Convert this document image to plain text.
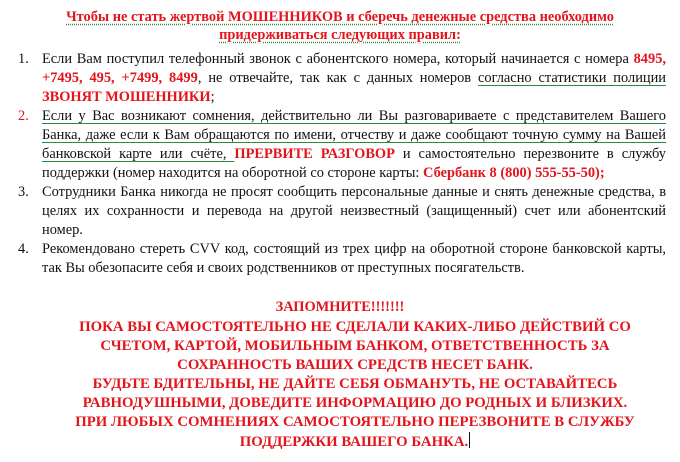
Чтобы не стать жертвой МОШЕННИКОВ и сберечь денежные средства необходимо
придерживаться следующих правил:
1. Если Вам поступил телефонный звонок с абонентского номера, который начинается с номера 8495, +7495, 495, +7499, 8499, не отвечайте, так как с данных номеров согласно статистики полиции ЗВОНЯТ МОШЕННИКИ;
2. Если у Вас возникают сомнения, действительно ли Вы разговариваете с представителем Вашего Банка, даже если к Вам обращаются по имени, отчеству и даже сообщают точную сумму на Вашей банковской карте или счёте, ПРЕРВИТЕ РАЗГОВОР и самостоятельно перезвоните в службу поддержки (номер находится на оборотной со стороне карты: Сбербанк 8 (800) 555-55-50);
3. Сотрудники Банка никогда не просят сообщить персональные данные и снять денежные средства, в целях их сохранности и перевода на другой неизвестный (защищенный) счет или абонентский номер.
4. Рекомендовано стереть CVV код, состоящий из трех цифр на оборотной стороне банковской карты, так Вы обезопасите себя и своих родственников от преступных посягательств.
ЗАПОМНИТЕ!!!!!!!
ПОКА ВЫ САМОСТОЯТЕЛЬНО НЕ СДЕЛАЛИ КАКИХ-ЛИБО ДЕЙСТВИЙ СО
СЧЕТОМ, КАРТОЙ, МОБИЛЬНЫМ БАНКОМ, ОТВЕТСТВЕННОСТЬ ЗА
СОХРАННОСТЬ ВАШИХ СРЕДСТВ НЕСЕТ БАНК.
БУДЬТЕ БДИТЕЛЬНЫ, НЕ ДАЙТЕ СЕБЯ ОБМАНУТЬ, НЕ ОСТАВАЙТЕСЬ
РАВНОДУШНЫМИ, ДОВЕДИТЕ ИНФОРМАЦИЮ ДО РОДНЫХ И БЛИЗКИХ.
ПРИ ЛЮБЫХ СОМНЕНИЯХ САМОСТОЯТЕЛЬНО ПЕРЕЗВОНИТЕ В СЛУЖБУ
ПОДДЕРЖКИ ВАШЕГО БАНКА.
